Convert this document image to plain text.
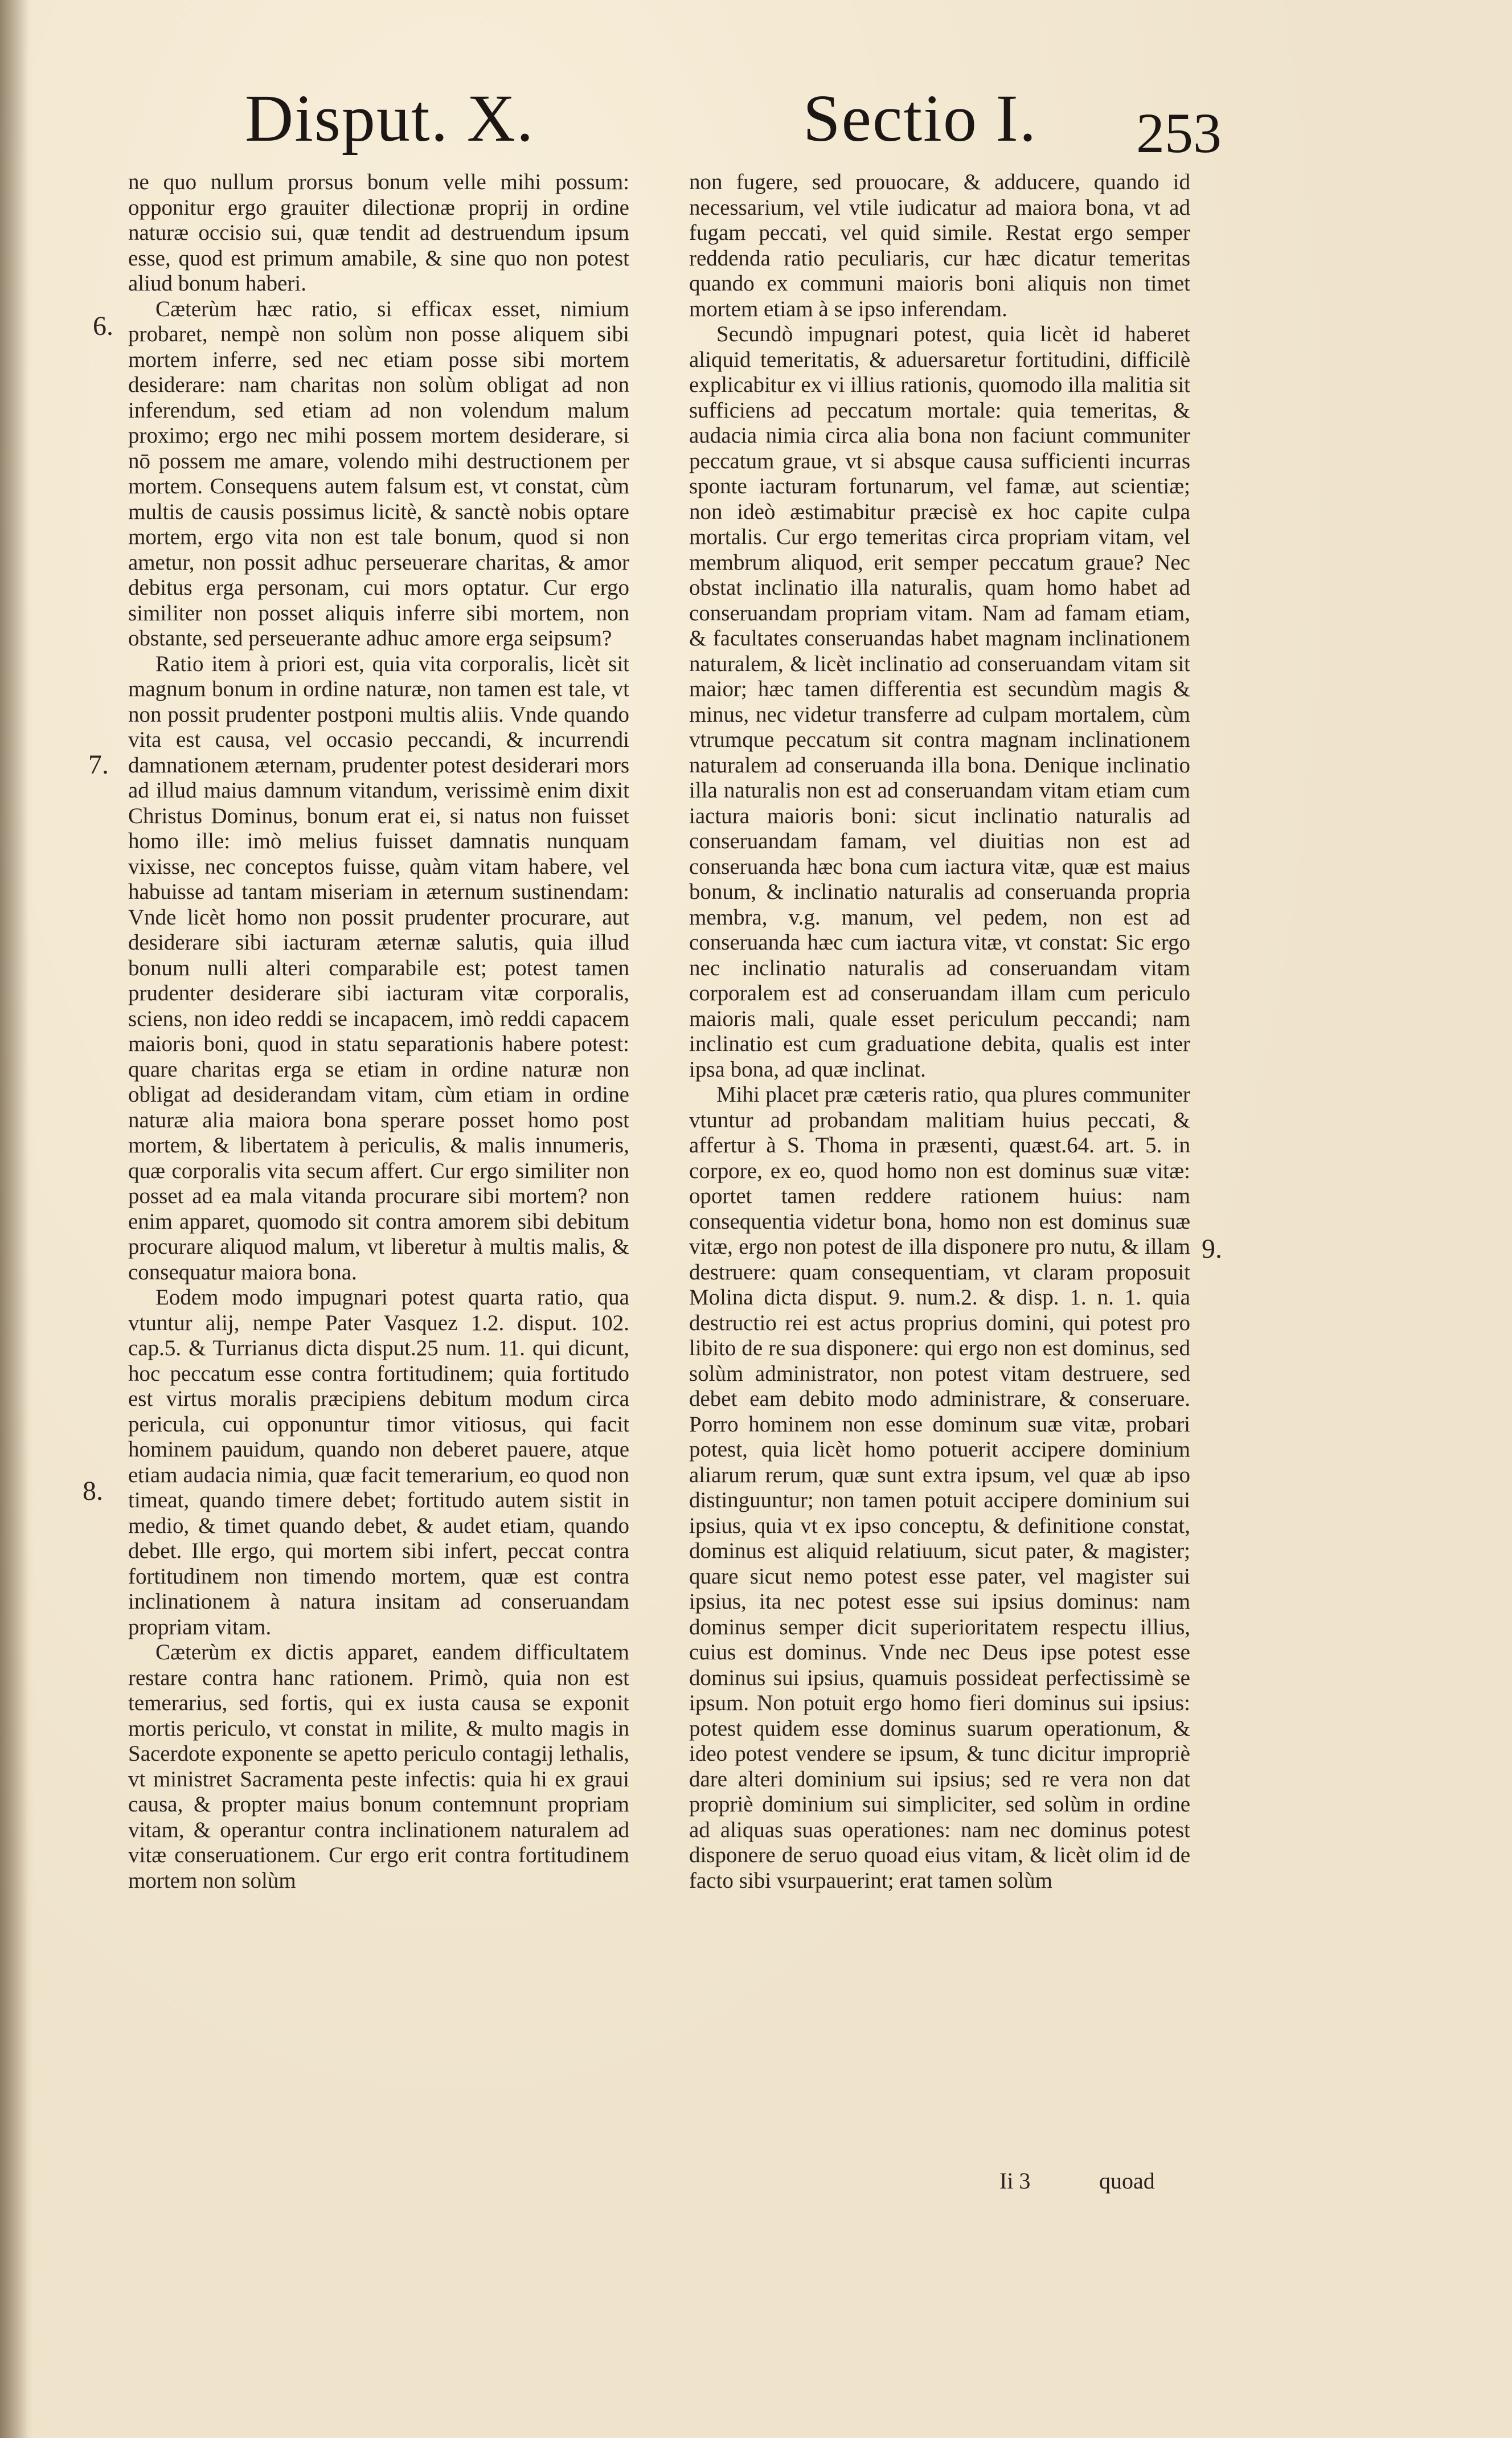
Disput. X.	Sectio I. 253
6.
7.
8.
9.

ne quo nullum prorsus bonum velle mihi possum: opponitur ergo grauiter dilectionæ proprij in ordine naturæ occisio sui, quæ tendit ad destruendum ipsum esse, quod est primum amabile, & sine quo non potest aliud bonum haberi.

Cæterùm hæc ratio, si efficax esset, nimium probaret, nempè non solùm non posse aliquem sibi mortem inferre, sed nec etiam posse sibi mortem desiderare: nam charitas non solùm obligat ad non inferendum, sed etiam ad non volendum malum proximo; ergo nec mihi possem mortem desiderare, si nō possem me amare, volendo mihi destructionem per mortem. Consequens autem falsum est, vt constat, cùm multis de causis possimus licitè, & sanctè nobis optare mortem, ergo vita non est tale bonum, quod si non ametur, non possit adhuc perseuerare charitas, & amor debitus erga personam, cui mors optatur. Cur ergo similiter non posset aliquis inferre sibi mortem, non obstante, sed perseuerante adhuc amore erga seipsum?

Ratio item à priori est, quia vita corporalis, licèt sit magnum bonum in ordine naturæ, non tamen est tale, vt non possit prudenter postponi multis aliis. Vnde quando vita est causa, vel occasio peccandi, & incurrendi damnationem æternam, prudenter potest desiderari mors ad illud maius damnum vitandum, verissimè enim dixit Christus Dominus, bonum erat ei, si natus non fuisset homo ille: imò melius fuisset damnatis nunquam vixisse, nec conceptos fuisse, quàm vitam habere, vel habuisse ad tantam miseriam in æternum sustinendam: Vnde licèt homo non possit prudenter procurare, aut desiderare sibi iacturam æternæ salutis, quia illud bonum nulli alteri comparabile est; potest tamen prudenter desiderare sibi iacturam vitæ corporalis, sciens, non ideo reddi se incapacem, imò reddi capacem maioris boni, quod in statu separationis habere potest: quare charitas erga se etiam in ordine naturæ non obligat ad desiderandam vitam, cùm etiam in ordine naturæ alia maiora bona sperare posset homo post mortem, & libertatem à periculis, & malis innumeris, quæ corporalis vita secum affert. Cur ergo similiter non posset ad ea mala vitanda procurare sibi mortem? non enim apparet, quomodo sit contra amorem sibi debitum procurare aliquod malum, vt liberetur à multis malis, & consequatur maiora bona.

Eodem modo impugnari potest quarta ratio, qua vtuntur alij, nempe Pater Vasquez 1.2. disput. 102. cap.5. & Turrianus dicta disput.25 num. 11. qui dicunt, hoc peccatum esse contra fortitudinem; quia fortitudo est virtus moralis præcipiens debitum modum circa pericula, cui opponuntur timor vitiosus, qui facit hominem pauidum, quando non deberet pauere, atque etiam audacia nimia, quæ facit temerarium, eo quod non timeat, quando timere debet; fortitudo autem sistit in medio, & timet quando debet, & audet etiam, quando debet. Ille ergo, qui mortem sibi infert, peccat contra fortitudinem non timendo mortem, quæ est contra inclinationem à natura insitam ad conseruandam propriam vitam.

Cæterùm ex dictis apparet, eandem difficultatem restare contra hanc rationem. Primò, quia non est temerarius, sed fortis, qui ex iusta causa se exponit mortis periculo, vt constat in milite, & multo magis in Sacerdote exponente se apetto periculo contagij lethalis, vt ministret Sacramenta peste infectis: quia hi ex graui causa, & propter maius bonum contemnunt propriam vitam, & operantur contra inclinationem naturalem ad vitæ conseruationem. Cur ergo erit contra fortitudinem mortem non solùm

non fugere, sed prouocare, & adducere, quando id necessarium, vel vtile iudicatur ad maiora bona, vt ad fugam peccati, vel quid simile. Restat ergo semper reddenda ratio peculiaris, cur hæc dicatur temeritas quando ex communi maioris boni aliquis non timet mortem etiam à se ipso inferendam.

Secundò impugnari potest, quia licèt id haberet aliquid temeritatis, & aduersaretur fortitudini, difficilè explicabitur ex vi illius rationis, quomodo illa malitia sit sufficiens ad peccatum mortale: quia temeritas, & audacia nimia circa alia bona non faciunt communiter peccatum graue, vt si absque causa sufficienti incurras sponte iacturam fortunarum, vel famæ, aut scientiæ; non ideò æstimabitur præcisè ex hoc capite culpa mortalis. Cur ergo temeritas circa propriam vitam, vel membrum aliquod, erit semper peccatum graue? Nec obstat inclinatio illa naturalis, quam homo habet ad conseruandam propriam vitam. Nam ad famam etiam, & facultates conseruandas habet magnam inclinationem naturalem, & licèt inclinatio ad conseruandam vitam sit maior; hæc tamen differentia est secundùm magis & minus, nec videtur transferre ad culpam mortalem, cùm vtrumque peccatum sit contra magnam inclinationem naturalem ad conseruanda illa bona. Denique inclinatio illa naturalis non est ad conseruandam vitam etiam cum iactura maioris boni: sicut inclinatio naturalis ad conseruandam famam, vel diuitias non est ad conseruanda hæc bona cum iactura vitæ, quæ est maius bonum, & inclinatio naturalis ad conseruanda propria membra, v.g. manum, vel pedem, non est ad conseruanda hæc cum iactura vitæ, vt constat: Sic ergo nec inclinatio naturalis ad conseruandam vitam corporalem est ad conseruandam illam cum periculo maioris mali, quale esset periculum peccandi; nam inclinatio est cum graduatione debita, qualis est inter ipsa bona, ad quæ inclinat.

Mihi placet præ cæteris ratio, qua plures communiter vtuntur ad probandam malitiam huius peccati, & affertur à S. Thoma in præsenti, quæst.64. art. 5. in corpore, ex eo, quod homo non est dominus suæ vitæ: oportet tamen reddere rationem huius: nam consequentia videtur bona, homo non est dominus suæ vitæ, ergo non potest de illa disponere pro nutu, & illam destruere: quam consequentiam, vt claram proposuit Molina dicta disput. 9. num.2. & disp. 1. n. 1. quia destructio rei est actus proprius domini, qui potest pro libito de re sua disponere: qui ergo non est dominus, sed solùm administrator, non potest vitam destruere, sed debet eam debito modo administrare, & conseruare. Porro hominem non esse dominum suæ vitæ, probari potest, quia licèt homo potuerit accipere dominium aliarum rerum, quæ sunt extra ipsum, vel quæ ab ipso distinguuntur; non tamen potuit accipere dominium sui ipsius, quia vt ex ipso conceptu, & definitione constat, dominus est aliquid relatiuum, sicut pater, & magister; quare sicut nemo potest esse pater, vel magister sui ipsius, ita nec potest esse sui ipsius dominus: nam dominus semper dicit superioritatem respectu illius, cuius est dominus. Vnde nec Deus ipse potest esse dominus sui ipsius, quamuis possideat perfectissimè se ipsum. Non potuit ergo homo fieri dominus sui ipsius: potest quidem esse dominus suarum operationum, & ideo potest vendere se ipsum, & tunc dicitur impropriè dare alteri dominium sui ipsius; sed re vera non dat propriè dominium sui simpliciter, sed solùm in ordine ad aliquas suas operationes: nam nec dominus potest disponere de seruo quoad eius vitam, & licèt olim id de facto sibi vsurpauerint; erat tamen solùm

Ii 3	quoad
